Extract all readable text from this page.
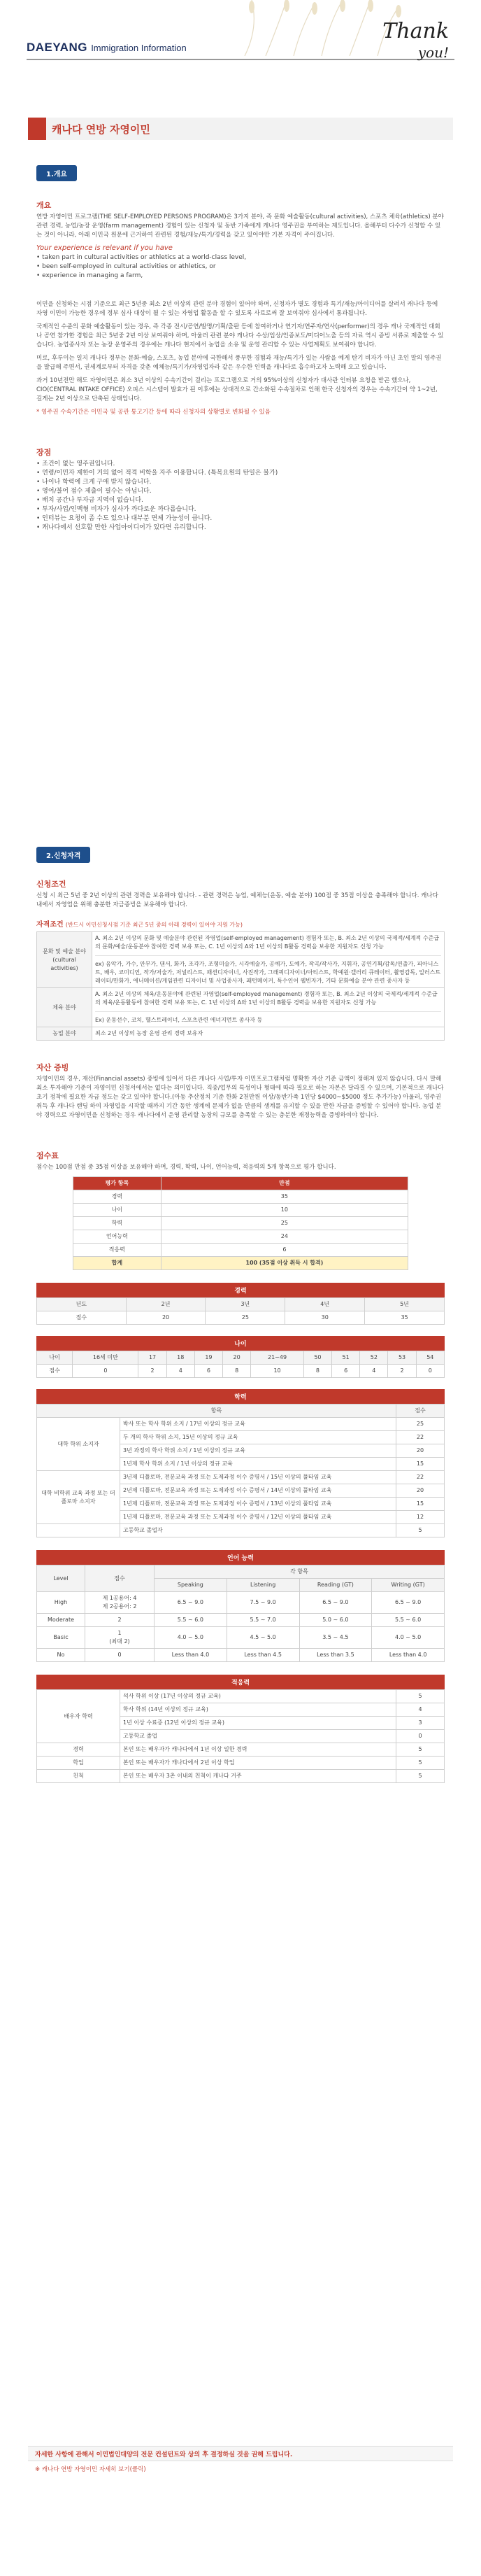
DAEYANG Immigration Information
Thank
you!
캐나다 연방 자영이민
1.개요
개요

연방 자영이민 프로그램(THE SELF-EMPLOYED PERSONS PROGRAM)은 3가지 분야, 즉 문화 예술활동(cultural activities), 스포츠 체육(athletics) 분야 관련 경력, 농업/농장 운영(farm management) 경험이 있는 신청자 및 동반 가족에게 캐나다 영주권을 부여하는 제도입니다. 올해부터 다수가 신청할 수 있는 것이 아니라, 아래 이민국 원문에 근거하여 관련된 경험/재능/특기/경력을 갖고 있어야만 기본 자격이 주어집니다.

Your experience is relevant if you have
• taken part in cultural activities or athletics at a world-class level,
• been self-employed in cultural activities or athletics, or
• experience in managing a farm,

이민을 신청하는 시점 기준으로 최근 5년중 최소 2년 이상의 관련 분야 경험이 있어야 하며, 신청자가 별도 경험과 특기/재능/아이디어를 살려서 캐나다 등에 자영 이민이 가능한 경우에 정부 심사 대상이 될 수 있는 자영업 활동을 할 수 있도록 사료로써 잘 보여줘야 심사에서 통과됩니다.

국제적인 수준의 문화 예술활동이 있는 경우, 즉 각종 전시/공연/발명/기획/출판 등에 참여하거나 연기자/연주자/연사(performer)의 경우 캐나 국제적인 대회나 공연 참가한 경험을 최근 5년중 2년 이상 보여줘야 하며, 아울러 관련 분야 캐나다 수상/입상/인증보도/미디어노출 등의 자료 역시 증빙 서류로 제출할 수 있습니다. 농업종사자 또는 농장 운영주의 경우에는 캐나다 현지에서 농업을 소유 및 운영 관리할 수 있는 사업계획도 보여줘야 합니다.

미로, 후루이는 일지 캐나다 정부는 문화·예술, 스포츠, 농업 분야에 국한해서 풍부한 경험과 재능/특기가 있는 사람을 예게 탄기 비자가 아닌 초인 말의 영주권을 발급해 주면서, 권세계로부터 자격을 갖춘 예체능/특기가/자영업자라 같은 우수한 인력을 캐나다로 흡수하고자 노력해 오고 있습니다.

과거 10년전만 해도 자영이민은 최소 3년 이상의 수속기간이 걸리는 프로그램으로 거의 95%이상의 신청자가 대사관 인터뷰 요청을 받곤 했으나, CIO(CENTRAL INTAKE OFFICE) 오피스 시스템이 발효가 된 이후에는 상대적으로 간소화된 수속절차로 인해 한국 신청자의 경우는 수속기간이 약 1~2년, 길게는 2년 이상으로 단축된 상태입니다.

* 영주권 수속기간은 이민국 및 공관 통고기간 등에 따라 신청자의 상황별로 변화될 수 있음

장점
• 조건이 없는 영주권입니다.
• 연령/이민자 제한이 거의 없어 적격 비학을 자주 이용합니다. (특목요원의 탄일은 불가)
• 나이나 학력에 크게 구애 받지 않습니다.
• 영어/불어 점수 제출이 필수는 아닙니다.
• 배치 공간나 투자금 지역이 없습니다.
• 투자/사업/인맥형 비자가 심사가 까다로운 까다롭습니다.
• 인터뷰는 요청이 좀 수도 있으나 대부분 면제 가능성이 큽니다.
• 캐나다에서 선호할 만한 사업아이디어가 있다면 유리합니다.
2.신청자격
신청조건

신청 시 최근 5년 중 2년 이상의 관련 경력을 보유해야 합니다. - 관련 경력은 농업, 예체능(운동, 예술 분야) 100점 중 35점 이상을 충족해야 합니다. 캐나다 내에서 자영업을 위해 충분한 자금증빙을 보유해야 합니다.

자격조건 (반드시 이민신청시점 기준 최근 5년 중의 아래 경력이 있어야 지원 가능)
문화 및 예술 분야 (cultural activities)	A. 최소 2년 이상의 문화 및 예술분야 관련된 자영업(self-employed management) 경험자 또는, B. 최소 2년 이상의 국제적/세계적 수준급의 문화/예술/운동분야 참여한 경력 보유 또는, C. 1년 이상의 A와 1년 이상의 B활동 경력을 보유한 지원자도 신청 가능
ex) 음악가, 가수, 안무가, 댄서, 화가, 조각가, 조형미술가, 시각예술가, 공예가, 도예가, 작곡/작사가, 지휘자, 공연기획/감독/연출가, 피아니스트, 배우, 코미디언, 작가/저술가, 저널리스트, 패션디자이너, 사진작가, 그래픽디자이너/아티스트, 학예원·갤러리 큐레이터, 촬영감독, 일러스트레이터/만화가, 애니메이션/게임관련 디자이너 및 사업종사자, 패턴메이커, 특수인어 웰빈자가, 기타 문화예술 분야 관련 종사자 등

체육 분야	A. 최소 2년 이상의 체육/운동분야에 관련된 자영업(self-employed management) 경험자 또는, B. 최소 2년 이상의 국제적/세계적 수준급의 체육/운동활동에 참여한 경력 보유 또는, C. 1년 이상의 A와 1년 이상의 B활동 경력을 보유한 지원자도 신청 가능
Ex) 운동선수, 코치, 헬스트레이너, 스포츠관련 에너지먼트 종사자 등

농업 분야	최소 2년 이상의 농장 운영 관리 경력 보유자
자산 증빙

자영이민의 경우, 재산(Financial assets) 증빙에 있어서 다른 캐나다 사업/투자 이민프로그램처럼 명확한 자산 기준 금액이 정해져 있지 않습니다. 다시 말해 최소 투자해야 기준이 자영이민 신청서에서는 없다는 의미입니다. 직종/업무의 특성이나 형태에 따라 필요로 하는 자본은 달라질 수 있으며, 기본적으로 캐나다 초기 정착에 필요한 자금 정도는 갖고 있어야 합니다.(아동 추산정치 기준 한화 2천만원 이상/동반가족 1인당 $4000~$5000 정도 추가가능) 아울러, 영주권 취득 후 캐나다 랜딩 하여 자영업을 시작할 때까지 기간 동안 생계에 문제가 없을 만큼의 생계를 유지할 수 있을 만한 자금을 증빙할 수 있어야 합니다. 농업 분야 경력으로 자영이민을 신청하는 경우 캐나다에서 운영 관리할 농장의 규모를 충족할 수 있는 충분한 재정능력을 증빙하여야 합니다.

점수표

점수는 100점 만점 중 35점 이상을 보유해야 하며, 경력, 학력, 나이, 언어능력, 적응력의 5개 항목으로 평가 합니다.

평가 항목	만점
경력	35
나이	10
학력	25
언어능력	24
적응력	6
합계	100 (35점 이상 취득 시 합격)
경력
년도	2년	3년	4년	5년
점수	20	25	30	35
나이
나이	16세 미만	17	18	19	20	21~49	50	51	52	53	54
점수	0	2	4	6	8	10	8	6	4	2	0
학력
항목		점수
대학 학위 소지자	박사 또는 학사 학위 소지 / 17년 이상의 정규 교육	25
	두 개의 학사 학위 소지, 15년 이상의 정규 교육	22
	3년 과정의 학사 학위 소지 / 1년 이상의 정규 교육	20
	1년제 학사 학위 소지 / 1년 이상의 정규 교육	15
대학 비학위 교육 과정 또는 더플로마 소지자	3년제 디플로마, 전문교육 과정 또는 도제과정 이수 증명서 / 15년 이상의 풀타임 교육	22
	2년제 디플로마, 전문교육 과정 또는 도제과정 이수 증명서 / 14년 이상의 풀타임 교육	20
	1년제 디플로마, 전문교육 과정 또는 도제과정 이수 증명서 / 13년 이상의 풀타임 교육	15
	1년제 디플로마, 전문교육 과정 또는 도제과정 이수 증명서 / 12년 이상의 풀타임 교육	12
	고등학교 졸업자	5
언어 능력
Level	점수	각 항목			
		Speaking	Listening	Reading (GT)	Writing (GT)
High	제 1공용어: 4
제 2공용어: 2	6.5 ~ 9.0	7.5 ~ 9.0	6.5 ~ 9.0	6.5 ~ 9.0
Moderate	2	5.5 ~ 6.0	5.5 ~ 7.0	5.0 ~ 6.0	5.5 ~ 6.0
Basic	1
(최대 2)	4.0 ~ 5.0	4.5 ~ 5.0	3.5 ~ 4.5	4.0 ~ 5.0
No	0	Less than 4.0	Less than 4.5	Less than 3.5	Less than 4.0
적응력
배우자 학력	석사 학위 이상 (17년 이상의 정규 교육)	5
	학사 학위 (14년 이상의 정규 교육)	4
	1년 이상 수료증 (12년 이상의 정규 교육)	3
	고등학교 졸업	0
경력	본인 또는 배우자가 캐나다에서 1년 이상 일한 경력	5
학업	본인 또는 배우자가 캐나다에서 2년 이상 학업	5
친척	본인 또는 배우자 3촌 이내의 친척이 캐나다 거주	5
자세한 사항에 관해서 이민법인대양의 전문 컨설턴트와 상의 후 결정하실 것을 권해 드립니다.
※ 캐나다 연방 자영이민 자세히 보기(클릭)
